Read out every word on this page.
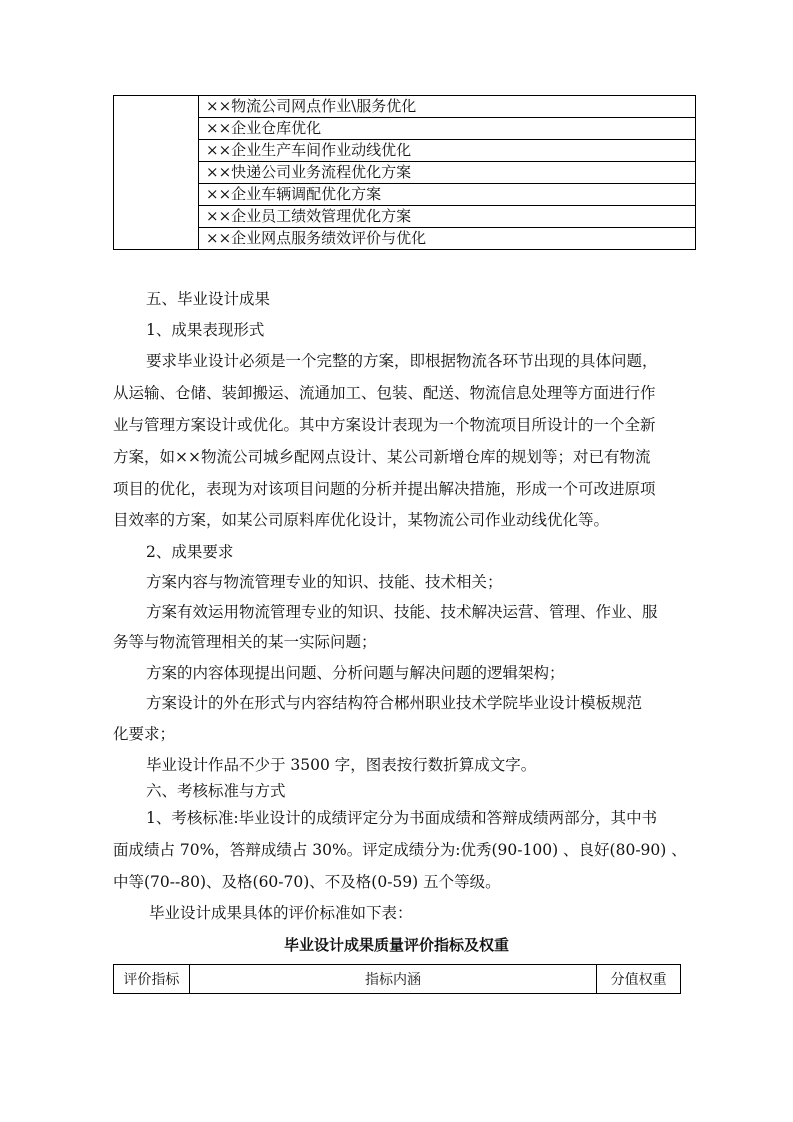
	××物流公司网点作业\服务优化
××企业仓库优化
××企业生产车间作业动线优化
××快递公司业务流程优化方案
××企业车辆调配优化方案
××企业员工绩效管理优化方案
××企业网点服务绩效评价与优化

五、毕业设计成果

1、成果表现形式

要求毕业设计必须是一个完整的方案，即根据物流各环节出现的具体问题，

从运输、仓储、装卸搬运、流通加工、包装、配送、物流信息处理等方面进行作

业与管理方案设计或优化。其中方案设计表现为一个物流项目所设计的一个全新

方案，如××物流公司城乡配网点设计、某公司新增仓库的规划等；对已有物流

项目的优化，表现为对该项目问题的分析并提出解决措施，形成一个可改进原项

目效率的方案，如某公司原料库优化设计，某物流公司作业动线优化等。

2、成果要求

方案内容与物流管理专业的知识、技能、技术相关；

方案有效运用物流管理专业的知识、技能、技术解决运营、管理、作业、服

务等与物流管理相关的某一实际问题；

方案的内容体现提出问题、分析问题与解决问题的逻辑架构；

方案设计的外在形式与内容结构符合郴州职业技术学院毕业设计模板规范

化要求；

毕业设计作品不少于 3500 字，图表按行数折算成文字。

六、考核标准与方式

1、考核标准:毕业设计的成绩评定分为书面成绩和答辩成绩两部分，其中书

面成绩占 70%，答辩成绩占 30%。评定成绩分为:优秀(90-100) 、良好(80-90) 、

中等(70--80)、及格(60-70)、不及格(0-59) 五个等级。

毕业设计成果具体的评价标准如下表：

毕业设计成果质量评价指标及权重
评价指标	指标内涵	分值权重
